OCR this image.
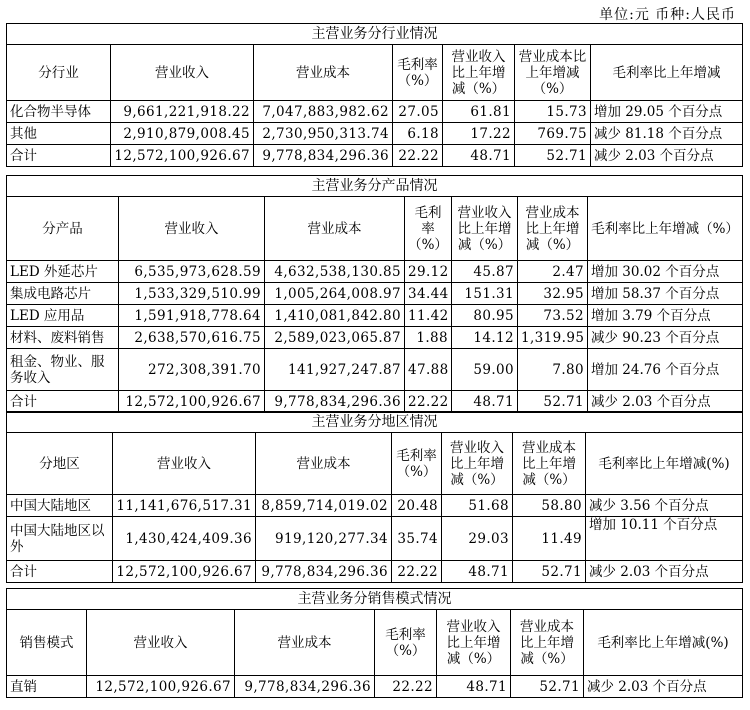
单位:元 币种:人民币
主营业务分行业情况						
分行业	营业收入	营业成本	毛利率（%）	营业收入比上年增减（%）	营业成本比上年增减（%）	毛利率比上年增减
化合物半导体	9,661,221,918.22	7,047,883,982.62	27.05	61.81	15.73	增加 29.05 个百分点
其他	2,910,879,008.45	2,730,950,313.74	6.18	17.22	769.75	减少 81.18 个百分点
合计	12,572,100,926.67	9,778,834,296.36	22.22	48.71	52.71	减少 2.03 个百分点
主营业务分产品情况						
分产品	营业收入	营业成本	毛利率（%）	营业收入比上年增减（%）	营业成本比上年增减（%）	毛利率比上年增减（%）
LED 外延芯片	6,535,973,628.59	4,632,538,130.85	29.12	45.87	2.47	增加 30.02 个百分点
集成电路芯片	1,533,329,510.99	1,005,264,008.97	34.44	151.31	32.95	增加 58.37 个百分点
LED 应用品	1,591,918,778.64	1,410,081,842.80	11.42	80.95	73.52	增加 3.79 个百分点
材料、废料销售	2,638,570,616.75	2,589,023,065.87	1.88	14.12	1,319.95	减少 90.23 个百分点
租金、物业、服务收入	272,308,391.70	141,927,247.87	47.88	59.00	7.80	增加 24.76 个百分点
合计	12,572,100,926.67	9,778,834,296.36	22.22	48.71	52.71	减少 2.03 个百分点
主营业务分地区情况						
分地区	营业收入	营业成本	毛利率（%）	营业收入比上年增减（%）	营业成本比上年增减（%）	毛利率比上年增减(%)
中国大陆地区	11,141,676,517.31	8,859,714,019.02	20.48	51.68	58.80	减少 3.56 个百分点
中国大陆地区以外	1,430,424,409.36	919,120,277.34	35.74	29.03	11.49	增加 10.11 个百分点
合计	12,572,100,926.67	9,778,834,296.36	22.22	48.71	52.71	减少 2.03 个百分点
主营业务分销售模式情况						
销售模式	营业收入	营业成本	毛利率（%）	营业收入比上年增减（%）	营业成本比上年增减（%）	毛利率比上年增减(%)
直销	12,572,100,926.67	9,778,834,296.36	22.22	48.71	52.71	减少 2.03 个百分点
